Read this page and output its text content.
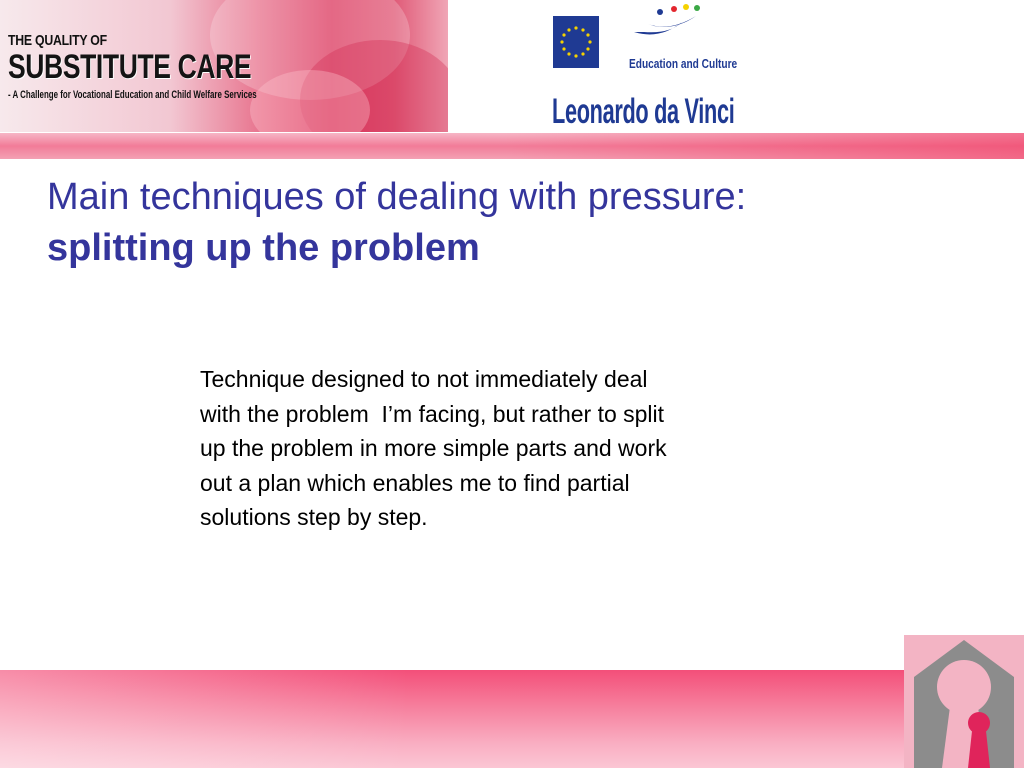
THE QUALITY OF
SUBSTITUTE CARE
- A Challenge for Vocational Education and Child Welfare Services
Education and Culture
Leonardo da Vinci
Main techniques of dealing with pressure:
splitting up the problem
Technique designed to not immediately deal
with the problem  I’m facing, but rather to split
up the problem in more simple parts and work
out a plan which enables me to find partial
solutions step by step.
